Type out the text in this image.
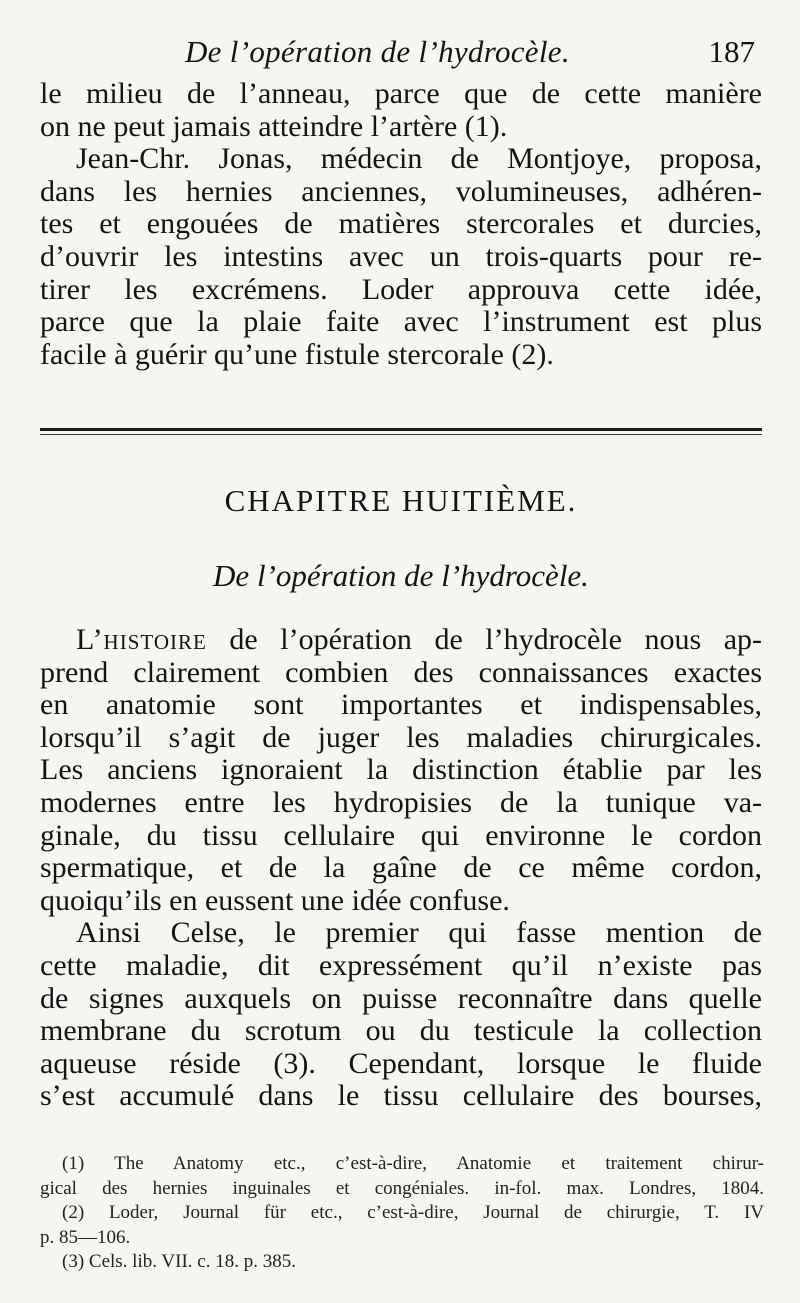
De l’opération de l’hydrocèle.	187
le milieu de l’anneau, parce que de cette manière
on ne peut jamais atteindre l’artère (1).
Jean-Chr. Jonas, médecin de Montjoye, proposa,
dans les hernies anciennes, volumineuses, adhéren-
tes et engouées de matières stercorales et durcies,
d’ouvrir les intestins avec un trois-quarts pour re-
tirer les excrémens. Loder approuva cette idée,
parce que la plaie faite avec l’instrument est plus
facile à guérir qu’une fistule stercorale (2).
CHAPITRE HUITIÈME.
De l’opération de l’hydrocèle.
L’histoire de l’opération de l’hydrocèle nous ap-
prend clairement combien des connaissances exactes
en anatomie sont importantes et indispensables,
lorsqu’il s’agit de juger les maladies chirurgicales.
Les anciens ignoraient la distinction établie par les
modernes entre les hydropisies de la tunique va-
ginale, du tissu cellulaire qui environne le cordon
spermatique, et de la gaîne de ce même cordon,
quoiqu’ils en eussent une idée confuse.
Ainsi Celse, le premier qui fasse mention de
cette maladie, dit expressément qu’il n’existe pas
de signes auxquels on puisse reconnaître dans quelle
membrane du scrotum ou du testicule la collection
aqueuse réside (3). Cependant, lorsque le fluide
s’est accumulé dans le tissu cellulaire des bourses,
(1) The Anatomy etc., c’est-à-dire, Anatomie et traitement chirur-
gical des hernies inguinales et congéniales. in-fol. max. Londres, 1804.
(2) Loder, Journal für etc., c’est-à-dire, Journal de chirurgie, T. IV
p. 85—106.
(3) Cels. lib. VII. c. 18. p. 385.
